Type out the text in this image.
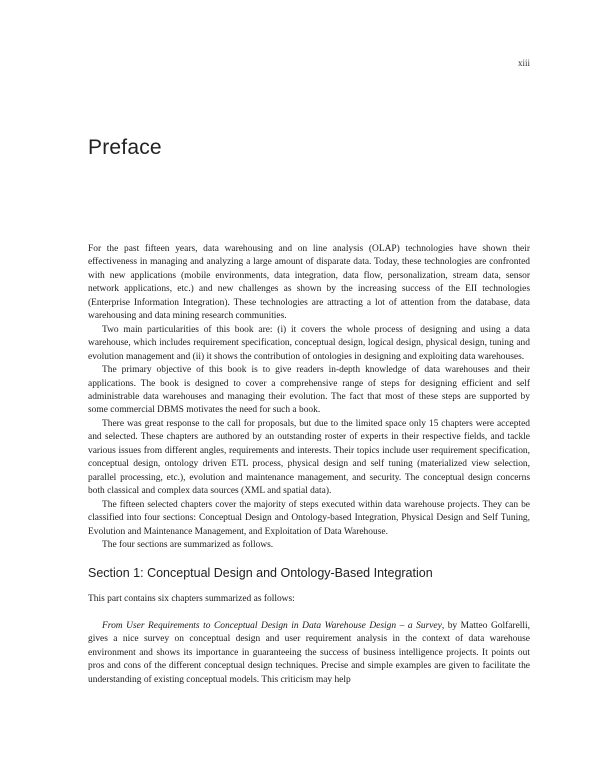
xiii
Preface

For the past fifteen years, data warehousing and on line analysis (OLAP) technologies have shown their effectiveness in managing and analyzing a large amount of disparate data. Today, these technologies are confronted with new applications (mobile environments, data integration, data flow, personalization, stream data, sensor network applications, etc.) and new challenges as shown by the increasing success of the EII technologies (Enterprise Information Integration). These technologies are attracting a lot of attention from the database, data warehousing and data mining research communities.

Two main particularities of this book are: (i) it covers the whole process of designing and using a data warehouse, which includes requirement specification, conceptual design, logical design, physical design, tuning and evolution management and (ii) it shows the contribution of ontologies in designing and exploiting data warehouses.

The primary objective of this book is to give readers in-depth knowledge of data warehouses and their applications. The book is designed to cover a comprehensive range of steps for designing efficient and self administrable data warehouses and managing their evolution. The fact that most of these steps are supported by some commercial DBMS motivates the need for such a book.

There was great response to the call for proposals, but due to the limited space only 15 chapters were accepted and selected. These chapters are authored by an outstanding roster of experts in their respective fields, and tackle various issues from different angles, requirements and interests. Their topics include user requirement specification, conceptual design, ontology driven ETL process, physical design and self tuning (materialized view selection, parallel processing, etc.), evolution and maintenance management, and security. The conceptual design concerns both classical and complex data sources (XML and spatial data).

The fifteen selected chapters cover the majority of steps executed within data warehouse projects. They can be classified into four sections: Conceptual Design and Ontology-based Integration, Physical Design and Self Tuning, Evolution and Maintenance Management, and Exploitation of Data Warehouse.

The four sections are summarized as follows.

Section 1: Conceptual Design and Ontology-Based Integration

This part contains six chapters summarized as follows:

From User Requirements to Conceptual Design in Data Warehouse Design – a Survey, by Matteo Golfarelli, gives a nice survey on conceptual design and user requirement analysis in the context of data warehouse environment and shows its importance in guaranteeing the success of business intelligence projects. It points out pros and cons of the different conceptual design techniques. Precise and simple examples are given to facilitate the understanding of existing conceptual models. This criticism may help
